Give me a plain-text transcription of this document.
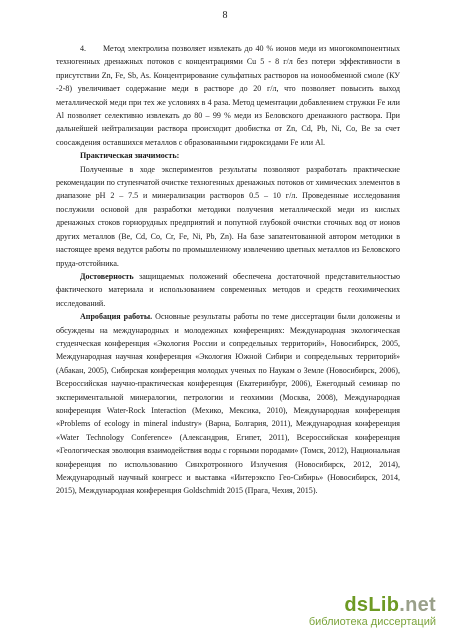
8

4.      Метод электролиза позволяет извлекать до 40 % ионов меди из многокомпонентных техногенных дренажных потоков с концентрациями Cu 5 - 8 г/л без потери эффективности в присутствии Zn, Fe, Sb, As. Концентрирование сульфатных растворов на ионообменной смоле (КУ -2-8) увеличивает содержание меди в растворе до 20 г/л, что позволяет повысить выход металлической меди при тех же условиях в 4 раза. Метод цементации добавлением стружки Fe или Al позволяет селективно извлекать до 80 – 99 % меди из Беловского дренажного раствора. При дальнейшей нейтрализации раствора происходит дообистка от Zn, Cd, Pb, Ni, Co, Ве за счет соосаждения оставшихся металлов с образованными гидроксидами Fe или Al.

Практическая значимость:

Полученные в ходе экспериментов результаты позволяют разработать практические рекомендации по ступенчатой очистке техногенных дренажных потоков от химических элементов в диапазоне pH 2 – 7.5 и минерализации растворов 0.5 – 10 г/л. Проведенные исследования послужили основой для разработки методики получения металлической меди из кислых дренажных стоков горнорудных предприятий и попутной глубокой очистки сточных вод от ионов других металлов (Be, Cd, Co, Cr, Fe, Ni, Pb, Zn). На базе запатентованной автором методики в настоящее время ведутся работы по промышленному извлечению цветных металлов из Беловского пруда-отстойника.

Достоверность защищаемых положений обеспечена достаточной представительностью фактического материала и использованием современных методов и средств геохимических исследований.

Апробация работы. Основные результаты работы по теме диссертации были доложены и обсуждены на международных и молодежных конференциях: Международная экологическая студенческая конференция «Экология России и сопредельных территорий», Новосибирск, 2005, Международная научная конференция «Экология Южной Сибири и сопредельных территорий» (Абакан, 2005), Сибирская конференция молодых ученых по Наукам о Земле (Новосибирск, 2006), Всероссийская научно-практическая конференция (Екатеринбург, 2006), Ежегодный семинар по экспериментальной минералогии, петрологии и геохимии (Москва, 2008), Международная конференция Water-Rock Interaction (Мехико, Мексика, 2010), Международная конференция «Problems of ecology in mineral industry» (Варна, Болгария, 2011), Международная конференция «Water Technology Conference» (Александрия, Египет, 2011), Всероссийская конференция «Геологическая эволюция взаимодействия воды с горными породами» (Томск, 2012), Национальная конференция по использованию Синхротронного Излучения (Новосибирск, 2012, 2014), Международный научный конгресс и выставка «Интерэкспо Гео-Сибирь» (Новосибирск, 2014, 2015), Международная конференция Goldschmidt 2015 (Прага, Чехия, 2015).

dsLib.net
библиотека диссертаций
